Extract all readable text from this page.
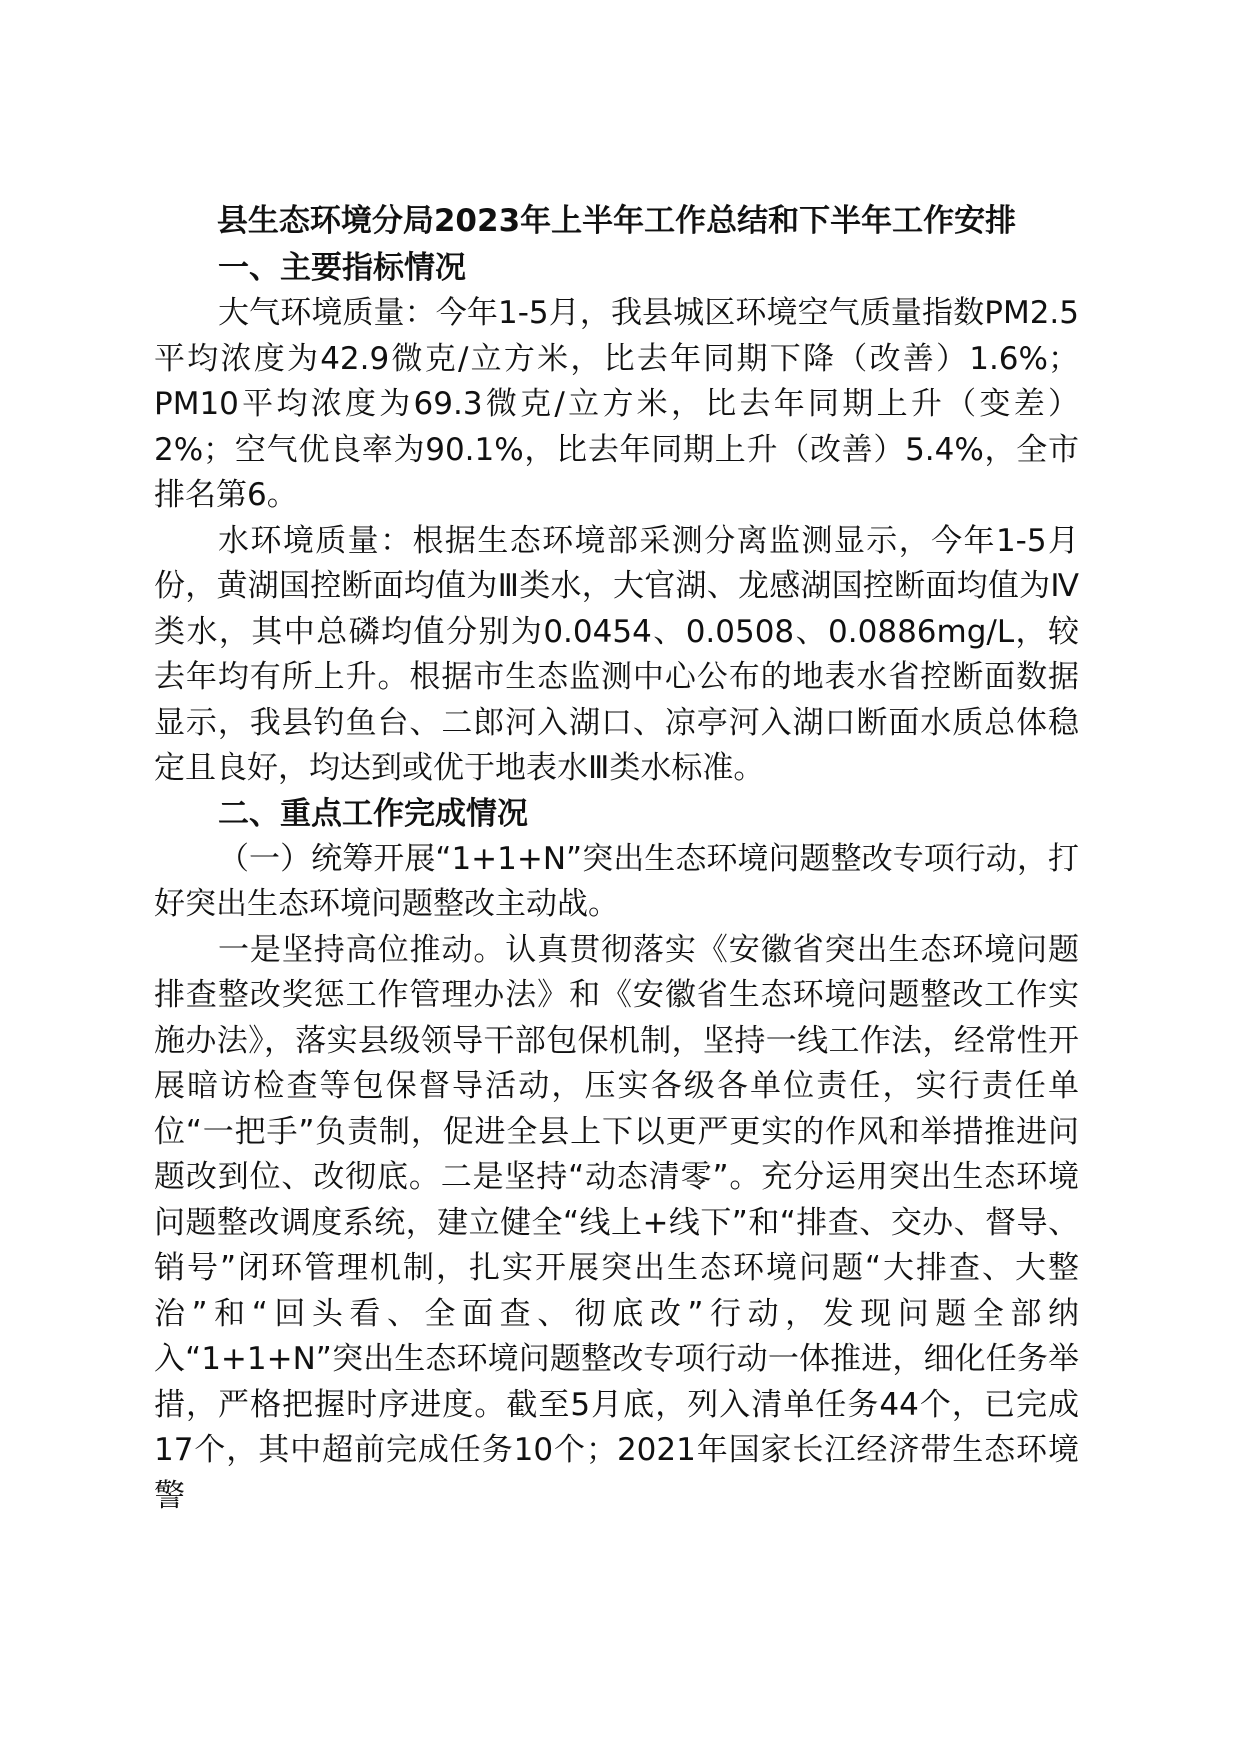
县生态环境分局2023年上半年工作总结和下半年工作安排
一、主要指标情况

大气环境质量：今年1-5月，我县城区环境空气质量指数PM2.5平均浓度为42.9微克/立方米，比去年同期下降（改善）1.6%；PM10平均浓度为69.3微克/立方米，比去年同期上升（变差）2%；空气优良率为90.1%，比去年同期上升（改善）5.4%，全市排名第6。

水环境质量：根据生态环境部采测分离监测显示，今年1-5月份，黄湖国控断面均值为Ⅲ类水，大官湖、龙感湖国控断面均值为Ⅳ类水，其中总磷均值分别为0.0454、0.0508、0.0886mg/L，较去年均有所上升。根据市生态监测中心公布的地表水省控断面数据显示，我县钓鱼台、二郎河入湖口、凉亭河入湖口断面水质总体稳定且良好，均达到或优于地表水Ⅲ类水标准。

二、重点工作完成情况

（一）统筹开展“1+1+N”突出生态环境问题整改专项行动，打好突出生态环境问题整改主动战。

一是坚持高位推动。认真贯彻落实《安徽省突出生态环境问题排查整改奖惩工作管理办法》和《安徽省生态环境问题整改工作实施办法》，落实县级领导干部包保机制，坚持一线工作法，经常性开展暗访检查等包保督导活动，压实各级各单位责任，实行责任单位“一把手”负责制，促进全县上下以更严更实的作风和举措推进问题改到位、改彻底。二是坚持“动态清零”。充分运用突出生态环境问题整改调度系统，建立健全“线上+线下”和“排查、交办、督导、销号”闭环管理机制，扎实开展突出生态环境问题“大排查、大整治”和“回头看、全面查、彻底改”行动，发现问题全部纳入“1+1+N”突出生态环境问题整改专项行动一体推进，细化任务举措，严格把握时序进度。截至5月底，列入清单任务44个，已完成17个，其中超前完成任务10个；2021年国家长江经济带生态环境警
